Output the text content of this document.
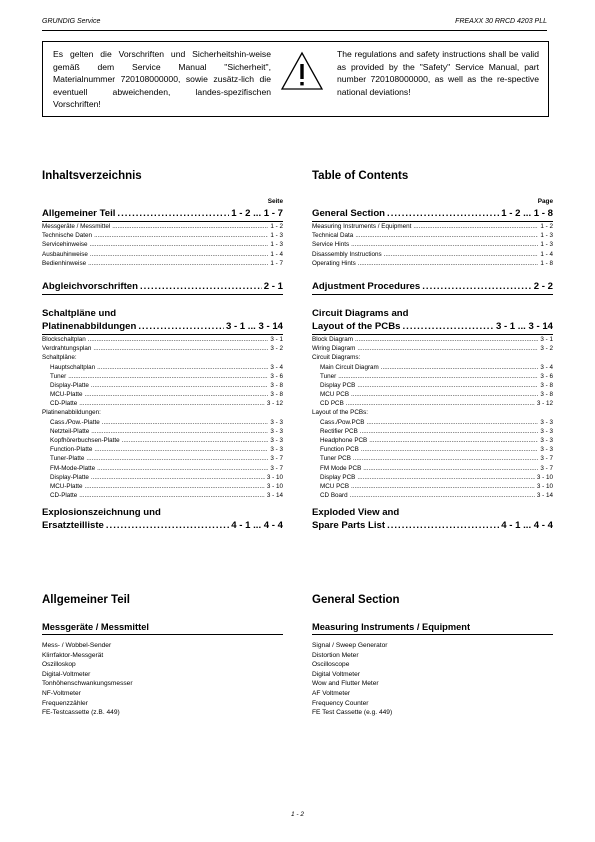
GRUNDIG Service	FREAXX 30 RRCD 4203 PLL
Es gelten die Vorschriften und Sicherheitshin-weise gemäß dem Service Manual "Sicherheit", Materialnummer 720108000000, sowie zusätz-lich die eventuell abweichenden, landes-spezifischen Vorschriften!
The regulations and safety instructions shall be valid as provided by the "Safety" Service Manual, part number 720108000000, as well as the re-spective national deviations!
Inhaltsverzeichnis
Seite
Allgemeiner Teil .....	1 - 2 ... 1 - 7
Messgeräte / Messmittel .....	1 - 2
Technische Daten .....	1 - 3
Servicehinweise .....	1 - 3
Ausbauhinweise .....	1 - 4
Bedienhinweise .....	1 - 7
Abgleichvorschriften .....	2 - 1
Schaltpläne und
Platinenabbildungen .....	3 - 1 ... 3 - 14
Blockschaltplan .....	3 - 1
Verdrahtungsplan .....	3 - 2
Schaltpläne:
Hauptschaltplan .....	3 - 4
Tuner .....	3 - 6
Display-Platte .....	3 - 8
MCU-Platte .....	3 - 8
CD-Platte .....	3 - 12
Platinenabbildungen:
Cass./Pow.-Platte .....	3 - 3
Netzteil-Platte .....	3 - 3
Kopfhörerbuchsen-Platte .....	3 - 3
Function-Platte .....	3 - 3
Tuner-Platte .....	3 - 7
FM-Mode-Platte .....	3 - 7
Display-Platte .....	3 - 10
MCU-Platte .....	3 - 10
CD-Platte .....	3 - 14
Explosionszeichnung und
Ersatzteilliste .....	4 - 1 ... 4 - 4
Table of Contents
Page
General Section .....	1 - 2 ... 1 - 8
Measuring Instruments / Equipment .....	1 - 2
Technical Data .....	1 - 3
Service Hints .....	1 - 3
Disassembly Instructions .....	1 - 4
Operating Hints .....	1 - 8
Adjustment Procedures .....	2 - 2
Circuit Diagrams and
Layout of the PCBs .....	3 - 1 ... 3 - 14
Block Diagram .....	3 - 1
Wiring Diagram .....	3 - 2
Circuit Diagrams:
Main Circuit Diagram .....	3 - 4
Tuner .....	3 - 6
Display PCB .....	3 - 8
MCU PCB .....	3 - 8
CD PCB .....	3 - 12
Layout of the PCBs:
Cass./Pow.PCB .....	3 - 3
Rectifier PCB .....	3 - 3
Headphone PCB .....	3 - 3
Function PCB .....	3 - 3
Tuner PCB .....	3 - 7
FM Mode PCB .....	3 - 7
Display PCB .....	3 - 10
MCU PCB .....	3 - 10
CD Board .....	3 - 14
Exploded View and
Spare Parts List .....	4 - 1 ... 4 - 4
Allgemeiner Teil
Messgeräte / Messmittel
Mess- / Wobbel-Sender
Klirrfaktor-Messgerät
Oszilloskop
Digital-Voltmeter
Tonhöhenschwankungsmesser
NF-Voltmeter
Frequenzzähler
FE-Testcassette (z.B. 449)
General Section
Measuring Instruments / Equipment
Signal / Sweep Generator
Distortion Meter
Oscilloscope
Digital Voltmeter
Wow and Flutter Meter
AF Voltmeter
Frequency Counter
FE Test Cassette (e.g. 449)
1 - 2
